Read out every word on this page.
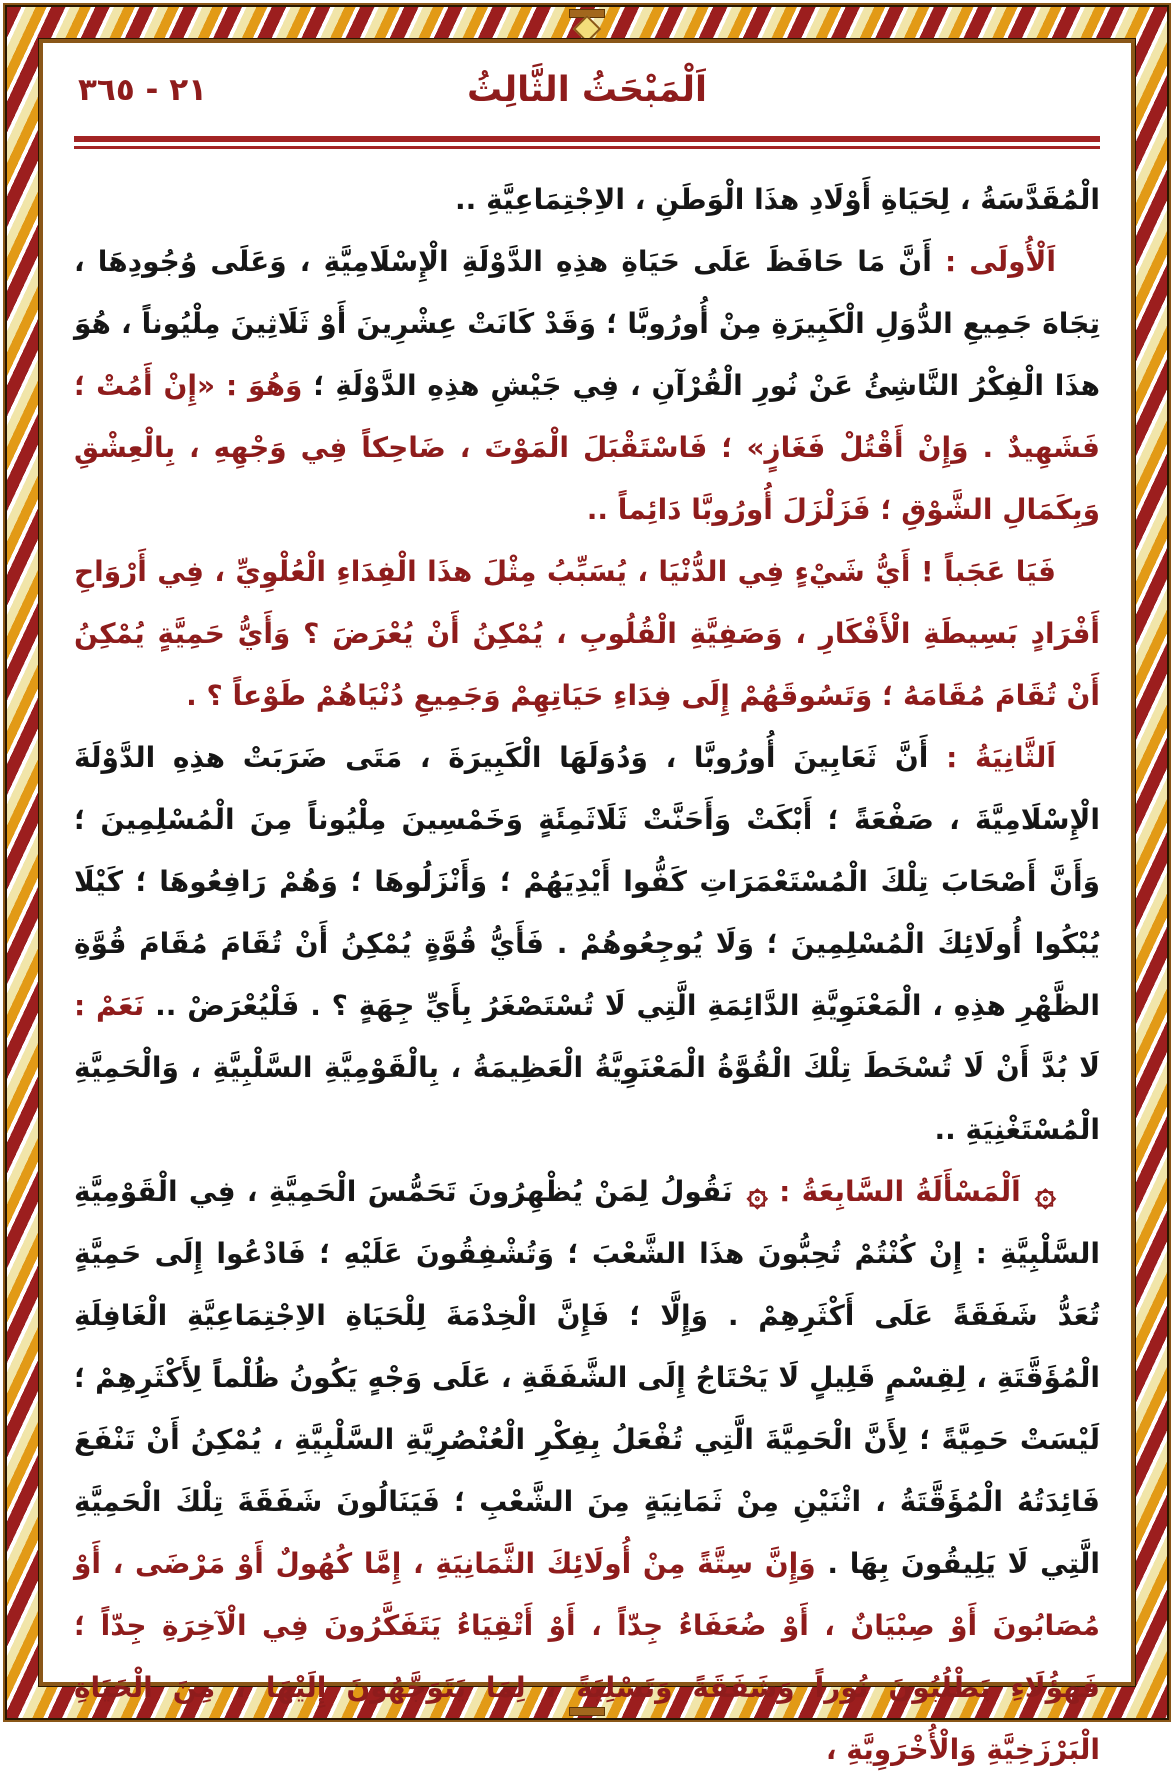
٢١ - ٣٦٥	اَلْمَبْحَثُ الثَّالِثُ

الْمُقَدَّسَةُ ، لِحَيَاةِ أَوْلَادِ هذَا الْوَطَنِ ، الاِجْتِمَاعِيَّةِ ..

اَلْأُولَى : أَنَّ مَا حَافَظَ عَلَى حَيَاةِ هذِهِ الدَّوْلَةِ الْإِسْلَامِيَّةِ ، وَعَلَى وُجُودِهَا ، تِجَاهَ جَمِيعِ الدُّوَلِ الْكَبِيرَةِ مِنْ أُورُوبَّا ؛ وَقَدْ كَانَتْ عِشْرِينَ أَوْ ثَلَاثِينَ مِلْيُوناً ، هُوَ هذَا الْفِكْرُ النَّاشِئُ عَنْ نُورِ الْقُرْآنِ ، فِي جَيْشِ هذِهِ الدَّوْلَةِ ؛ وَهُوَ : «إِنْ أَمُتْ ؛ فَشَهِيدٌ . وَإِنْ أَقْتُلْ فَغَازٍ» ؛ فَاسْتَقْبَلَ الْمَوْتَ ، ضَاحِكاً فِي وَجْهِهِ ، بِالْعِشْقِ وَبِكَمَالِ الشَّوْقِ ؛ فَزَلْزَلَ أُورُوبَّا دَائِماً ..

فَيَا عَجَباً ! أَيُّ شَيْءٍ فِي الدُّنْيَا ، يُسَبِّبُ مِثْلَ هذَا الْفِدَاءِ الْعُلْوِيِّ ، فِي أَرْوَاحِ أَفْرَادٍ بَسِيطَةِ الْأَفْكَارِ ، وَصَفِيَّةِ الْقُلُوبِ ، يُمْكِنُ أَنْ يُعْرَضَ ؟ وَأَيُّ حَمِيَّةٍ يُمْكِنُ أَنْ تُقَامَ مُقَامَهُ ؛ وَتَسُوقَهُمْ إِلَى فِدَاءِ حَيَاتِهِمْ وَجَمِيعِ دُنْيَاهُمْ طَوْعاً ؟ .

اَلثَّانِيَةُ : أَنَّ ثَعَابِينَ أُورُوبَّا ، وَدُوَلَهَا الْكَبِيرَةَ ، مَتَى ضَرَبَتْ هذِهِ الدَّوْلَةَ الْإِسْلَامِيَّةَ ، صَفْعَةً ؛ أَبْكَتْ وَأَحَنَّتْ ثَلَاثَمِئَةٍ وَخَمْسِينَ مِلْيُوناً مِنَ الْمُسْلِمِينَ ؛ وَأَنَّ أَصْحَابَ تِلْكَ الْمُسْتَعْمَرَاتِ كَفُّوا أَيْدِيَهُمْ ؛ وَأَنْزَلُوهَا ؛ وَهُمْ رَافِعُوهَا ؛ كَيْلَا يُبْكُوا أُولَائِكَ الْمُسْلِمِينَ ؛ وَلَا يُوجِعُوهُمْ . فَأَيُّ قُوَّةٍ يُمْكِنُ أَنْ تُقَامَ مُقَامَ قُوَّةِ الظَّهْرِ هذِهِ ، الْمَعْنَوِيَّةِ الدَّائِمَةِ الَّتِي لَا تُسْتَصْغَرُ بِأَيِّ جِهَةٍ ؟ . فَلْيُعْرَضْ .. نَعَمْ : لَا بُدَّ أَنْ لَا تُسْخَطَ تِلْكَ الْقُوَّةُ الْمَعْنَوِيَّةُ الْعَظِيمَةُ ، بِالْقَوْمِيَّةِ السَّلْبِيَّةِ ، وَالْحَمِيَّةِ الْمُسْتَغْنِيَةِ ..

۞ اَلْمَسْأَلَةُ السَّابِعَةُ : ۞ نَقُولُ لِمَنْ يُظْهِرُونَ تَحَمُّسَ الْحَمِيَّةِ ، فِي الْقَوْمِيَّةِ السَّلْبِيَّةِ : إِنْ كُنْتُمْ تُحِبُّونَ هذَا الشَّعْبَ ؛ وَتُشْفِقُونَ عَلَيْهِ ؛ فَادْعُوا إِلَى حَمِيَّةٍ تُعَدُّ شَفَقَةً عَلَى أَكْثَرِهِمْ . وَإِلَّا ؛ فَإِنَّ الْخِدْمَةَ لِلْحَيَاةِ الاِجْتِمَاعِيَّةِ الْغَافِلَةِ الْمُؤَقَّتَةِ ، لِقِسْمٍ قَلِيلٍ لَا يَحْتَاجُ إِلَى الشَّفَقَةِ ، عَلَى وَجْهٍ يَكُونُ ظُلْماً لِأَكْثَرِهِمْ ؛ لَيْسَتْ حَمِيَّةً ؛ لِأَنَّ الْحَمِيَّةَ الَّتِي تُفْعَلُ بِفِكْرِ الْعُنْصُرِيَّةِ السَّلْبِيَّةِ ، يُمْكِنُ أَنْ تَنْفَعَ فَائِدَتُهُ الْمُؤَقَّتَةُ ، اثْنَيْنِ مِنْ ثَمَانِيَةٍ مِنَ الشَّعْبِ ؛ فَيَنَالُونَ شَفَقَةَ تِلْكَ الْحَمِيَّةِ الَّتِي لَا يَلِيقُونَ بِهَا . وَإِنَّ سِتَّةً مِنْ أُولَائِكَ الثَّمَانِيَةِ ، إِمَّا كُهُولٌ أَوْ مَرْضَى ، أَوْ مُصَابُونَ أَوْ صِبْيَانٌ ، أَوْ ضُعَفَاءُ جِدّاً ، أَوْ أَتْقِيَاءُ يَتَفَكَّرُونَ فِي الْآخِرَةِ جِدّاً ؛ فَهؤُلَاءِ يَطْلُبُونَ نُوراً وَشَفَقَةً وَتَسْلِيَةً ، لِمَا يَتَوَجَّهُونَ إِلَيْهَا ، مِنَ الْحَيَاةِ الْبَرْزَخِيَّةِ وَالْأُخْرَوِيَّةِ ،
